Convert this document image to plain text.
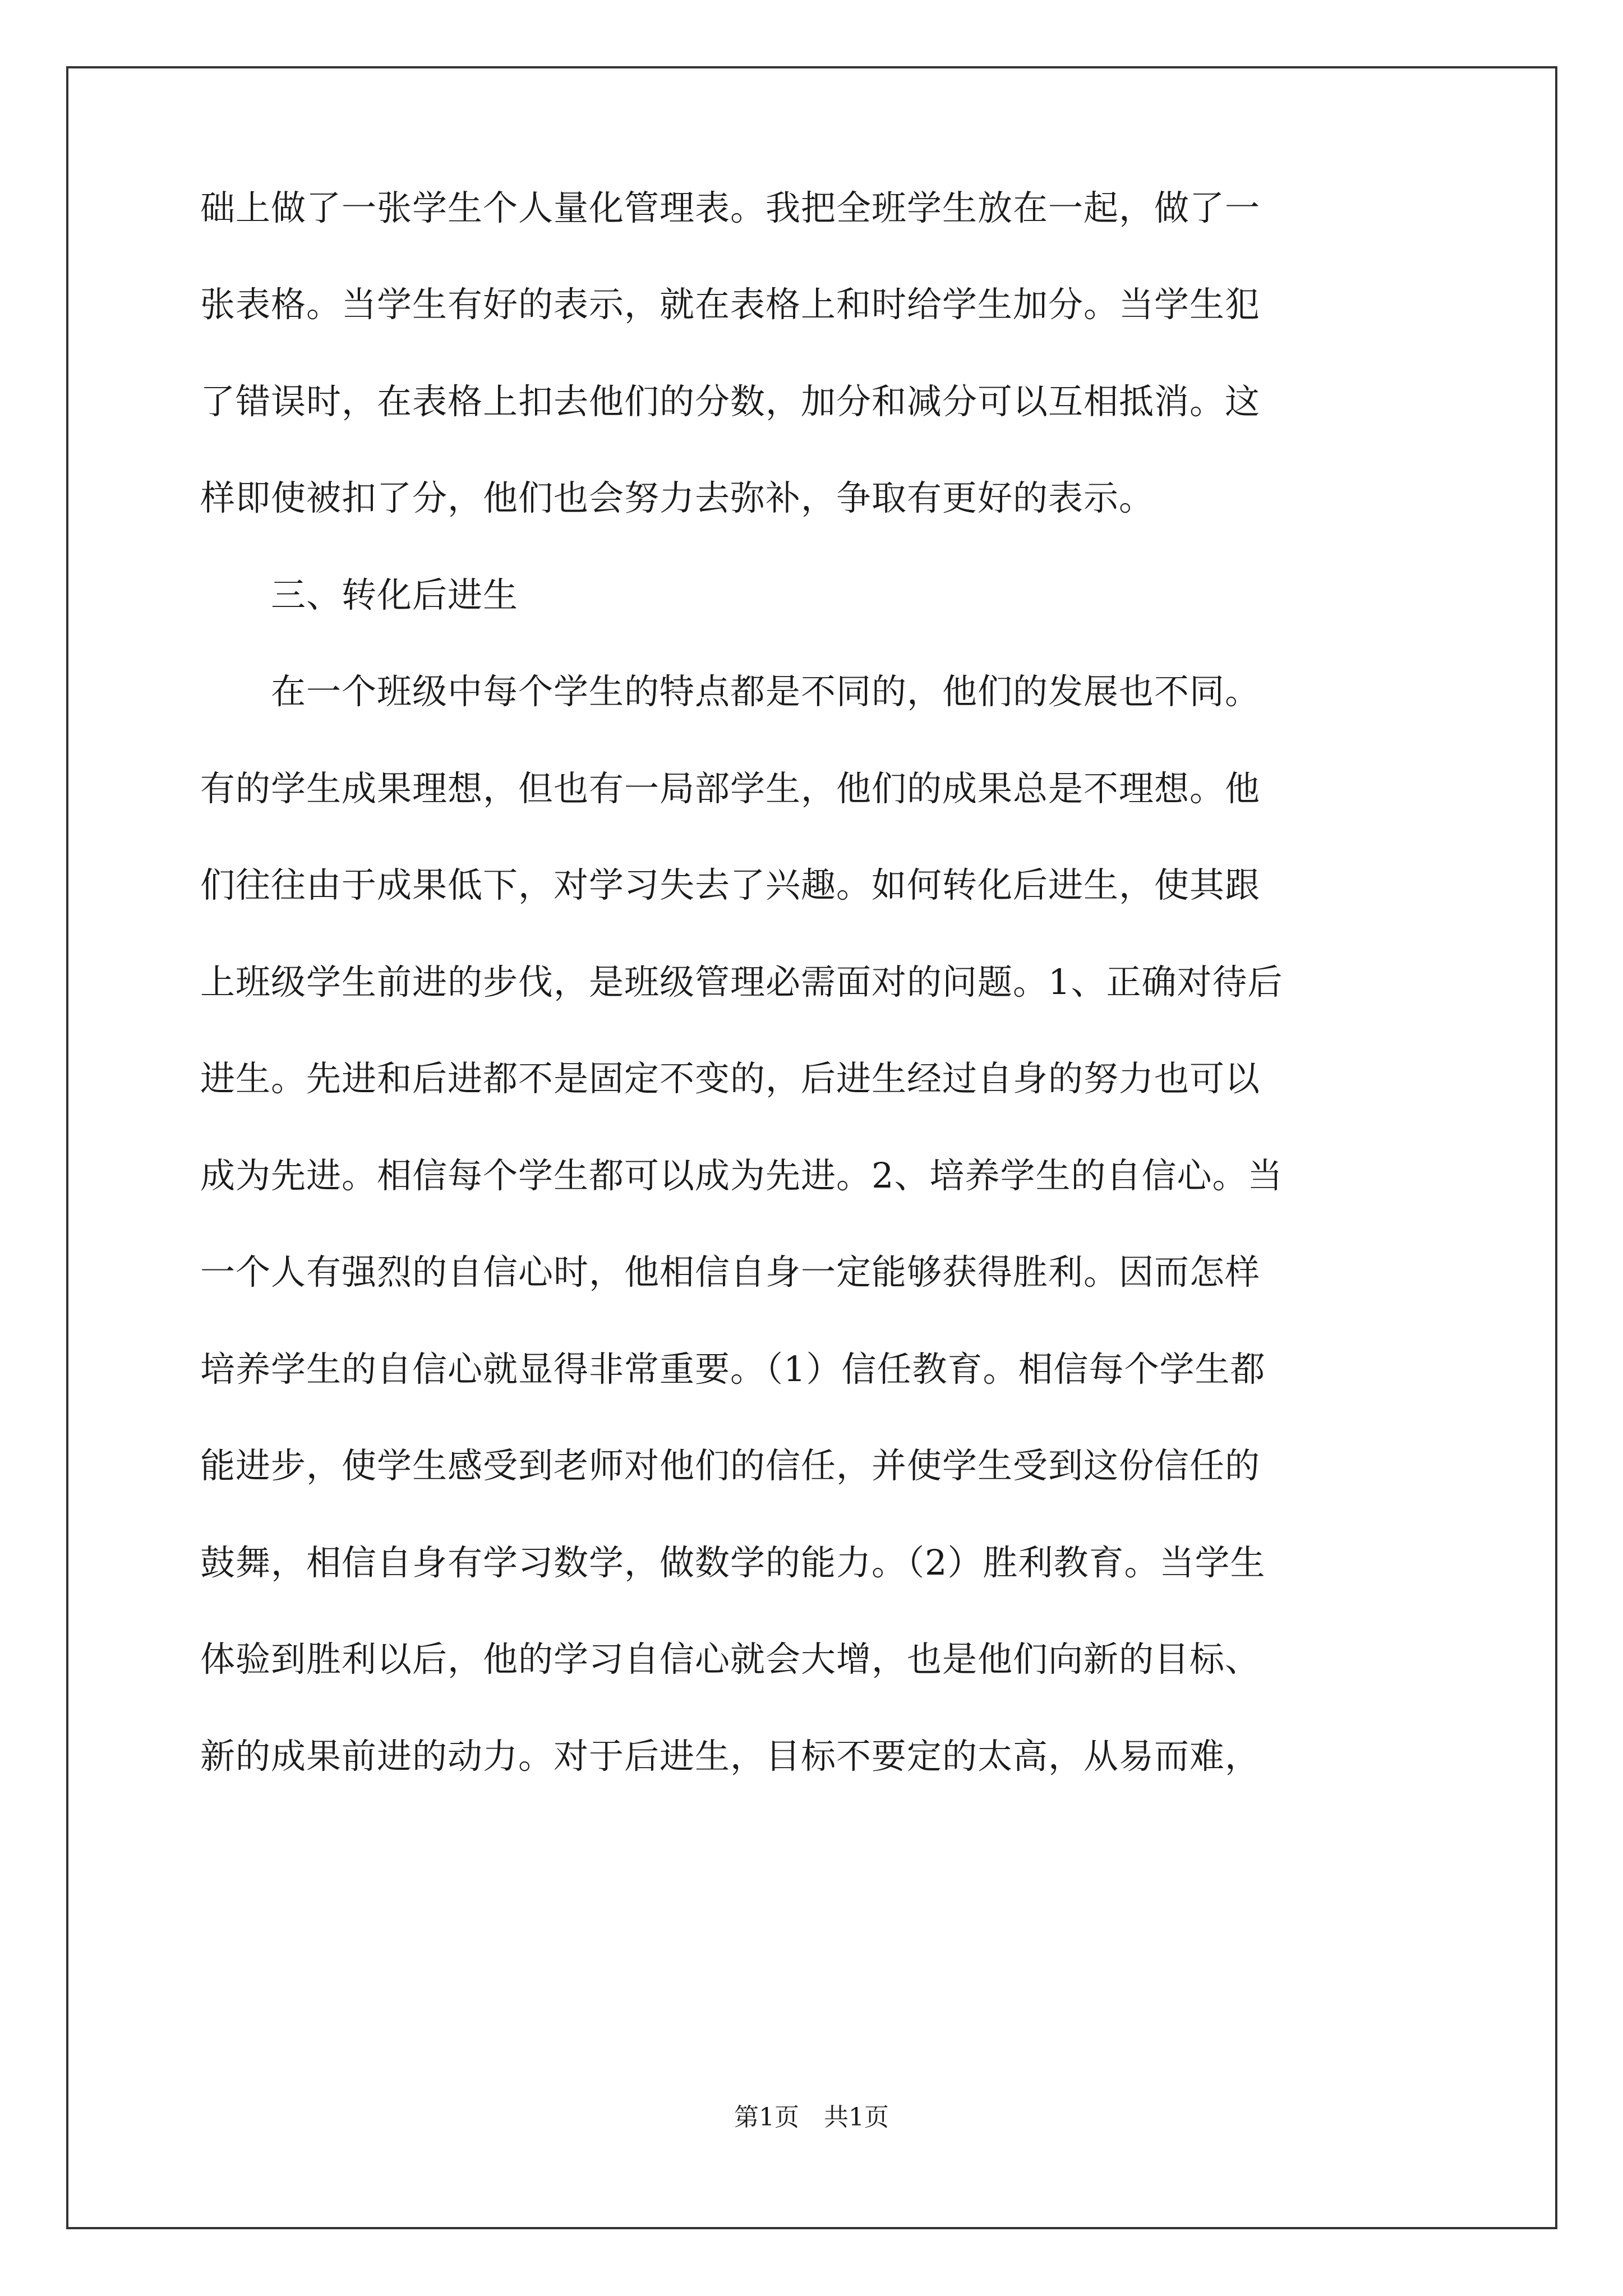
础上做了一张学生个人量化管理表。我把全班学生放在一起，做了一
张表格。当学生有好的表示，就在表格上和时给学生加分。当学生犯
了错误时，在表格上扣去他们的分数，加分和减分可以互相抵消。这
样即使被扣了分，他们也会努力去弥补，争取有更好的表示。
　　三、转化后进生
　　在一个班级中每个学生的特点都是不同的，他们的发展也不同。
有的学生成果理想，但也有一局部学生，他们的成果总是不理想。他
们往往由于成果低下，对学习失去了兴趣。如何转化后进生，使其跟
上班级学生前进的步伐，是班级管理必需面对的问题。1、正确对待后
进生。先进和后进都不是固定不变的，后进生经过自身的努力也可以
成为先进。相信每个学生都可以成为先进。2、培养学生的自信心。当
一个人有强烈的自信心时，他相信自身一定能够获得胜利。因而怎样
培养学生的自信心就显得非常重要。（1）信任教育。相信每个学生都
能进步，使学生感受到老师对他们的信任，并使学生受到这份信任的
鼓舞，相信自身有学习数学，做数学的能力。（2）胜利教育。当学生
体验到胜利以后，他的学习自信心就会大增，也是他们向新的目标、
新的成果前进的动力。对于后进生，目标不要定的太高，从易而难，
第1页　共1页
